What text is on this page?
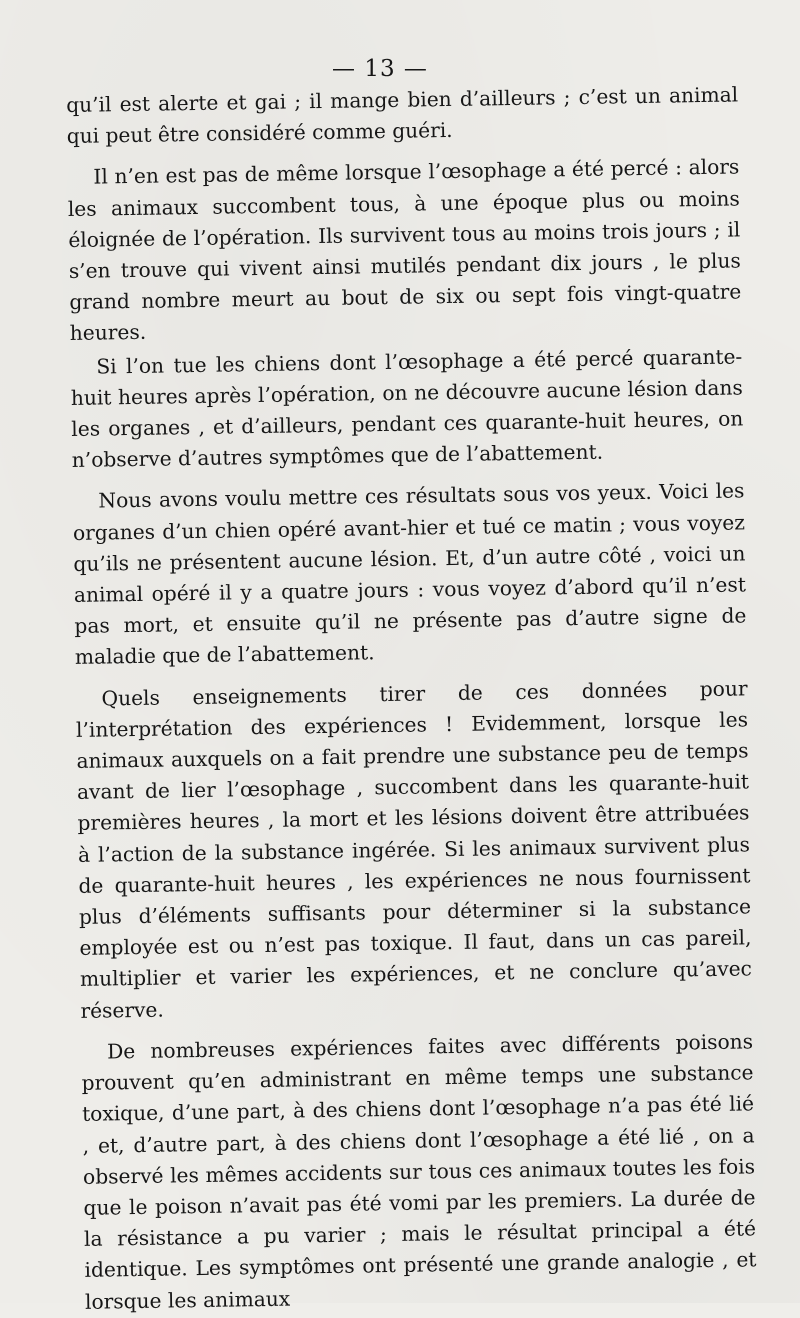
— 13 —

qu’il est alerte et gai ; il mange bien d’ailleurs ; c’est un animal qui peut être considéré comme guéri.

Il n’en est pas de même lorsque l’œsophage a été percé : alors les animaux succombent tous, à une époque plus ou moins éloignée de l’opération. Ils survivent tous au moins trois jours ; il s’en trouve qui vivent ainsi mutilés pendant dix jours , le plus grand nombre meurt au bout de six ou sept fois vingt-quatre heures.

Si l’on tue les chiens dont l’œsophage a été percé quarante-huit heures après l’opération, on ne découvre aucune lésion dans les organes , et d’ailleurs, pendant ces quarante-huit heures, on n’observe d’autres symptômes que de l’abattement.

Nous avons voulu mettre ces résultats sous vos yeux. Voici les organes d’un chien opéré avant-hier et tué ce matin ; vous voyez qu’ils ne présentent aucune lésion. Et, d’un autre côté , voici un animal opéré il y a quatre jours : vous voyez d’abord qu’il n’est pas mort, et ensuite qu’il ne présente pas d’autre signe de maladie que de l’abattement.

Quels enseignements tirer de ces données pour l’interprétation des expériences ! Evidemment, lorsque les animaux auxquels on a fait prendre une substance peu de temps avant de lier l’œsophage , succombent dans les quarante-huit premières heures , la mort et les lésions doivent être attribuées à l’action de la substance ingérée. Si les animaux survivent plus de quarante-huit heures , les expériences ne nous fournissent plus d’éléments suffisants pour déterminer si la substance employée est ou n’est pas toxique. Il faut, dans un cas pareil, multiplier et varier les expériences, et ne conclure qu’avec réserve.

De nombreuses expériences faites avec différents poisons prouvent qu’en administrant en même temps une substance toxique, d’une part, à des chiens dont l’œsophage n’a pas été lié , et, d’autre part, à des chiens dont l’œsophage a été lié , on a observé les mêmes accidents sur tous ces animaux toutes les fois que le poison n’avait pas été vomi par les premiers. La durée de la résistance a pu varier ; mais le résultat principal a été identique. Les symptômes ont présenté une grande analogie , et lorsque les animaux
